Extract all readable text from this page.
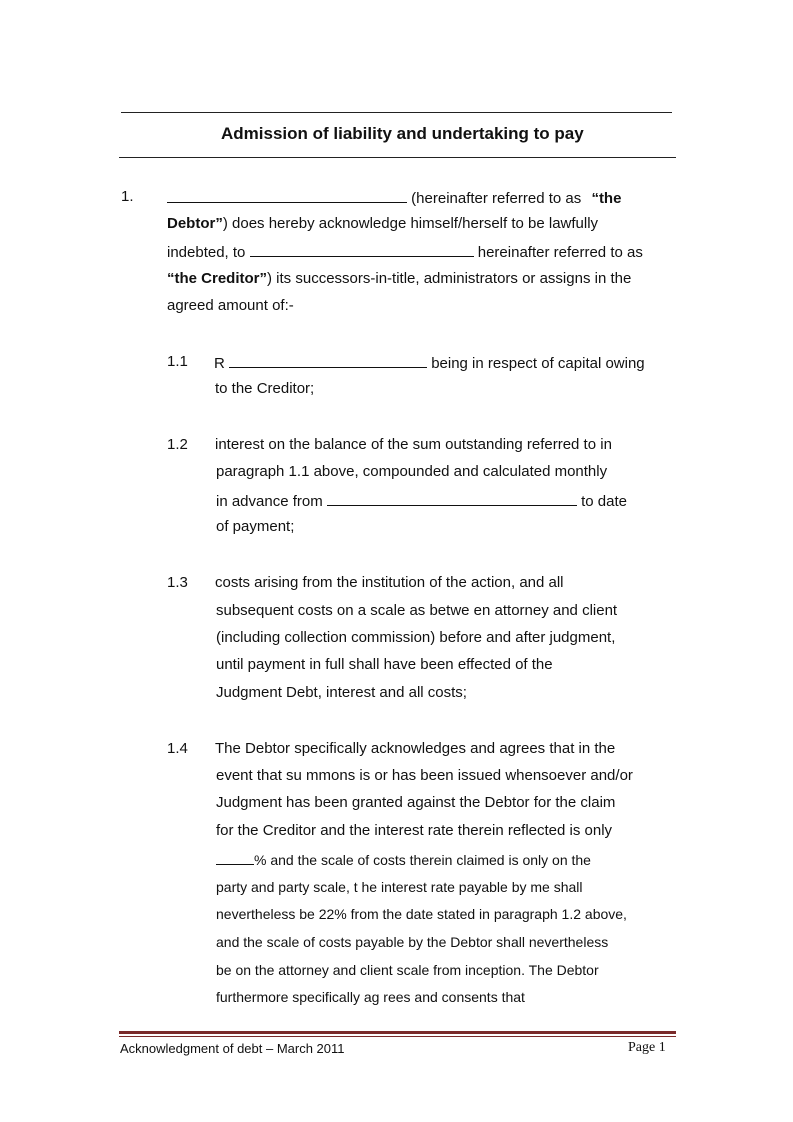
Admission of liability and undertaking to pay
1.	(hereinafter referred to as “the
Debtor”) does hereby acknowledge himself/herself to be lawfully
indebted, to	hereinafter referred to as
“the Creditor”) its successors-in-title, administrators or assigns in the
agreed amount of:-
1.1 R	being in respect of capital owing
to the Creditor;
1.2 interest on the balance of the sum outstanding referred to in
paragraph 1.1 above, compounded and calculated monthly
in advance from	to date
of payment;
1.3 costs arising from the institution of the action, and all
subsequent costs on a scale as betwe en attorney and client
(including collection commission) before and after judgment,
until payment in full shall have been effected of the
Judgment Debt, interest and all costs;
1.4 The Debtor specifically acknowledges and agrees that in the
event that su mmons is or has been issued whensoever and/or
Judgment has been granted against the Debtor for the claim
for the Creditor and the interest rate therein reflected is only
% and the scale of costs therein claimed is only on the
party and party scale, t he interest rate payable by me shall
nevertheless be 22% from the date stated in paragraph 1.2 above,
and the scale of costs payable by the Debtor shall nevertheless
be on the attorney and client scale from inception. The Debtor
furthermore specifically ag rees and consents that
Acknowledgment of debt – March 2011	Page 1
